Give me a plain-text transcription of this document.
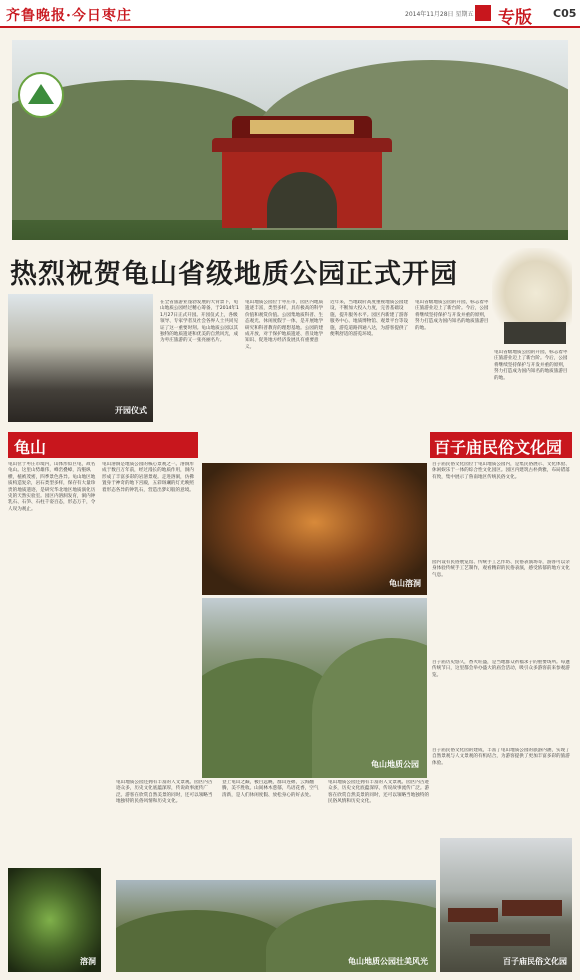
齐鲁晚报·今日枣庄	2014年11月28日 星期五 专版 C05
热烈祝贺龟山省级地质公园正式开园
开园仪式
在全省旅游业蓬勃发展的大背景下，龟山地质公园经过精心筹备，于2014年11月27日正式开园。开园仪式上，各级领导、专家学者及社会各界人士共同见证了这一重要时刻。龟山地质公园以其独特的地质遗迹和优美的自然风光，成为枣庄旅游的又一张亮丽名片。
龟山地质公园位于枣庄市，园区内地质遗迹丰富，类型多样，具有极高的科学价值和观赏价值。公园集地质科普、生态观光、休闲度假于一体，是开展地学研究和科普教育的理想基地。公园的建成开放，对于保护地质遗迹、普及地学知识、促进地方经济发展具有重要意义。
近年来，当地政府高度重视地质公园建设，不断加大投入力度，完善基础设施，提升服务水平。园区内新建了游客服务中心、地质博物馆、观景平台等设施，游览道路四通八达，为游客提供了便利舒适的游览环境。
龟山省级地质公园的开园，标志着枣庄旅游业迈上了新台阶。今后，公园将继续坚持保护与开发并重的原则，努力打造成为国内知名的地质旅游目的地。
龟山省级地质公园的开园，标志着枣庄旅游业迈上了新台阶。今后，公园将继续坚持保护与开发并重的原则，努力打造成为国内知名的地质旅游目的地。
龟山	百子庙民俗文化园
龟山位于枣庄市境内，山体形似巨龟，故名龟山。这里山势雄伟，峰峦叠嶂，沟壑纵横，植被茂密，四季景色各异。龟山地区地质构造复杂，岩石类型多样，保存有大量珍贵的地质遗迹，是研究华北地区地质演化历史的天然实验室。园区内溶洞发育，洞内钟乳石、石笋、石柱千姿百态，形态万千，令人叹为观止。
龟山溶洞是地质公园的核心景观之一。溶洞形成于数百万年前，经过漫长的地质作用，洞内形成了丰富多彩的岩溶景观。走进溶洞，仿佛置身于神奇的地下宫殿，五彩斑斓的灯光映照着形态各异的钟乳石，营造出梦幻般的意境。
龟山地质公园还拥有丰富的人文景观。园区内古迹众多，历史文化底蕴深厚，传说故事流传广泛。游客在欣赏自然美景的同时，还可以领略当地独特的民俗风情和历史文化。
登上龟山之巅，极目远眺，群山连绵，云海翻腾，美不胜收。山间林木葱郁，鸟语花香，空气清新，是人们休闲度假、放松身心的好去处。
龟山地质公园还拥有丰富的人文景观。园区内古迹众多，历史文化底蕴深厚，传说故事流传广泛。游客在欣赏自然美景的同时，还可以领略当地独特的民俗风情和历史文化。
龟山溶洞
龟山地质公园
百子庙民俗文化园位于龟山地质公园内，是集民俗展示、文化体验、休闲娱乐于一体的综合性文化园区。园区内建筑古朴典雅，布局错落有致，集中展示了鲁南地区传统民俗文化。
园内设有民俗展览馆、传统手工艺作坊、民俗表演场等，游客可以亲身体验传统手工艺制作，观看精彩的民俗表演，感受浓郁的地方文化气息。
百子庙历史悠久，香火旺盛，是当地群众祈福求子的重要场所。每逢传统节日，这里都会举办盛大的庙会活动，吸引众多游客前来参观游览。
百子庙民俗文化园的建成，丰富了龟山地质公园的旅游内涵，实现了自然景观与人文景观的有机结合，为游客提供了更加丰富多彩的旅游体验。
溶洞	龟山地质公园壮美风光	百子庙民俗文化园
